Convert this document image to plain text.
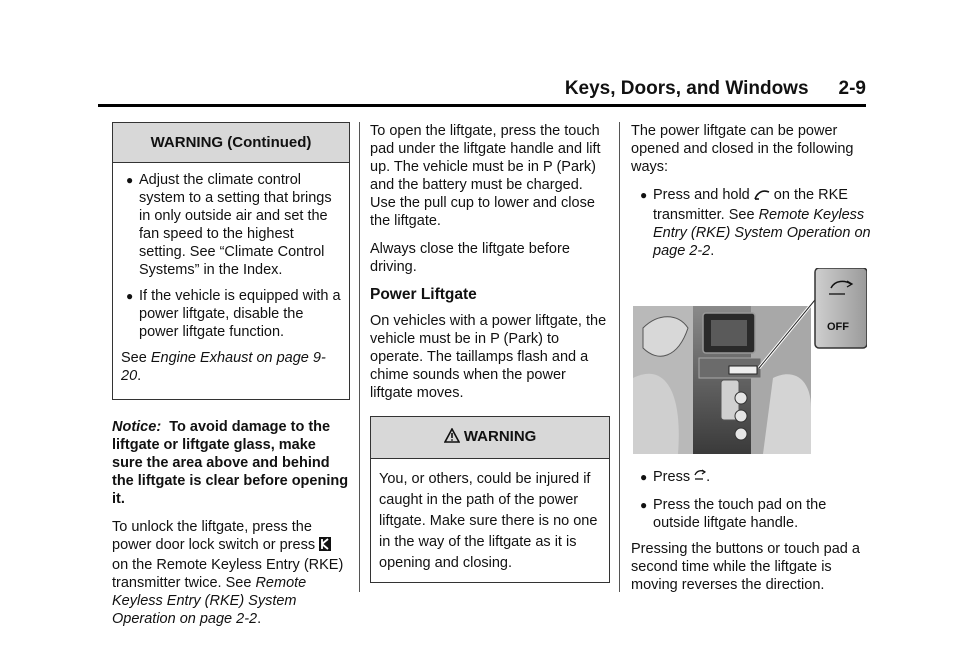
Keys, Doors, and Windows 2-9
WARNING (Continued)
● Adjust the climate control system to a setting that brings in only outside air and set the fan speed to the highest setting. See “Climate Control Systems” in the Index.
● If the vehicle is equipped with a power liftgate, disable the power liftgate function.

See Engine Exhaust on page 9-20.

Notice: To avoid damage to the liftgate or liftgate glass, make sure the area above and behind the liftgate is clear before opening it.

To unlock the liftgate, press the power door lock switch or press  on the Remote Keyless Entry (RKE) transmitter twice. See Remote Keyless Entry (RKE) System Operation on page 2-2.

To open the liftgate, press the touch pad under the liftgate handle and lift up. The vehicle must be in P (Park) and the battery must be charged. Use the pull cup to lower and close the liftgate.

Always close the liftgate before driving.

Power Liftgate

On vehicles with a power liftgate, the vehicle must be in P (Park) to operate. The taillamps flash and a chime sounds when the power liftgate moves.

WARNING
You, or others, could be injured if caught in the path of the power liftgate. Make sure there is no one in the way of the liftgate as it is opening and closing.

The power liftgate can be power opened and closed in the following ways:

● Press and hold on the RKE transmitter. See Remote Keyless Entry (RKE) System Operation on page 2-2.
OFF
● Press .
● Press the touch pad on the outside liftgate handle.

Pressing the buttons or touch pad a second time while the liftgate is moving reverses the direction.
